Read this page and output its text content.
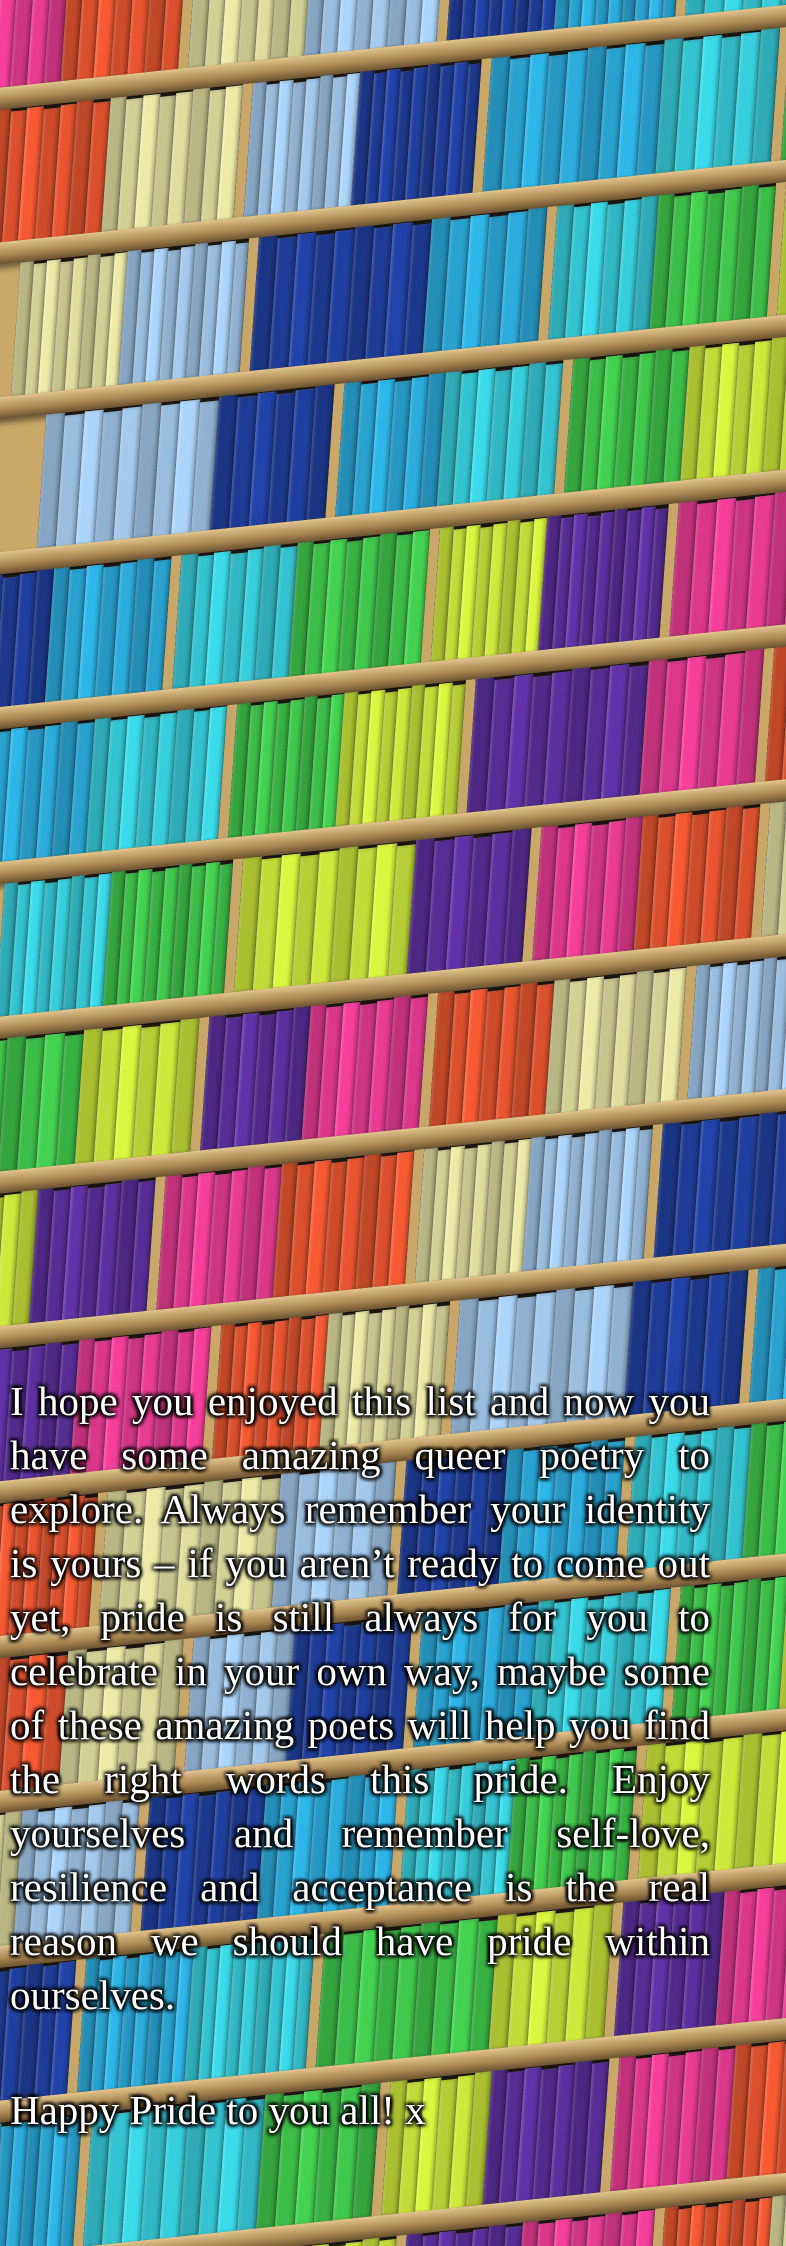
I hope you enjoyed this list and now you have some amazing queer poetry to explore. Always remember your identity is yours – if you aren’t ready to come out yet, pride is still always for you to celebrate in your own way, maybe some of these amazing poets will help you find the right words this pride. Enjoy yourselves and remember self-love, resilience and acceptance is the real reason we should have pride within ourselves.

Happy Pride to you all! x
